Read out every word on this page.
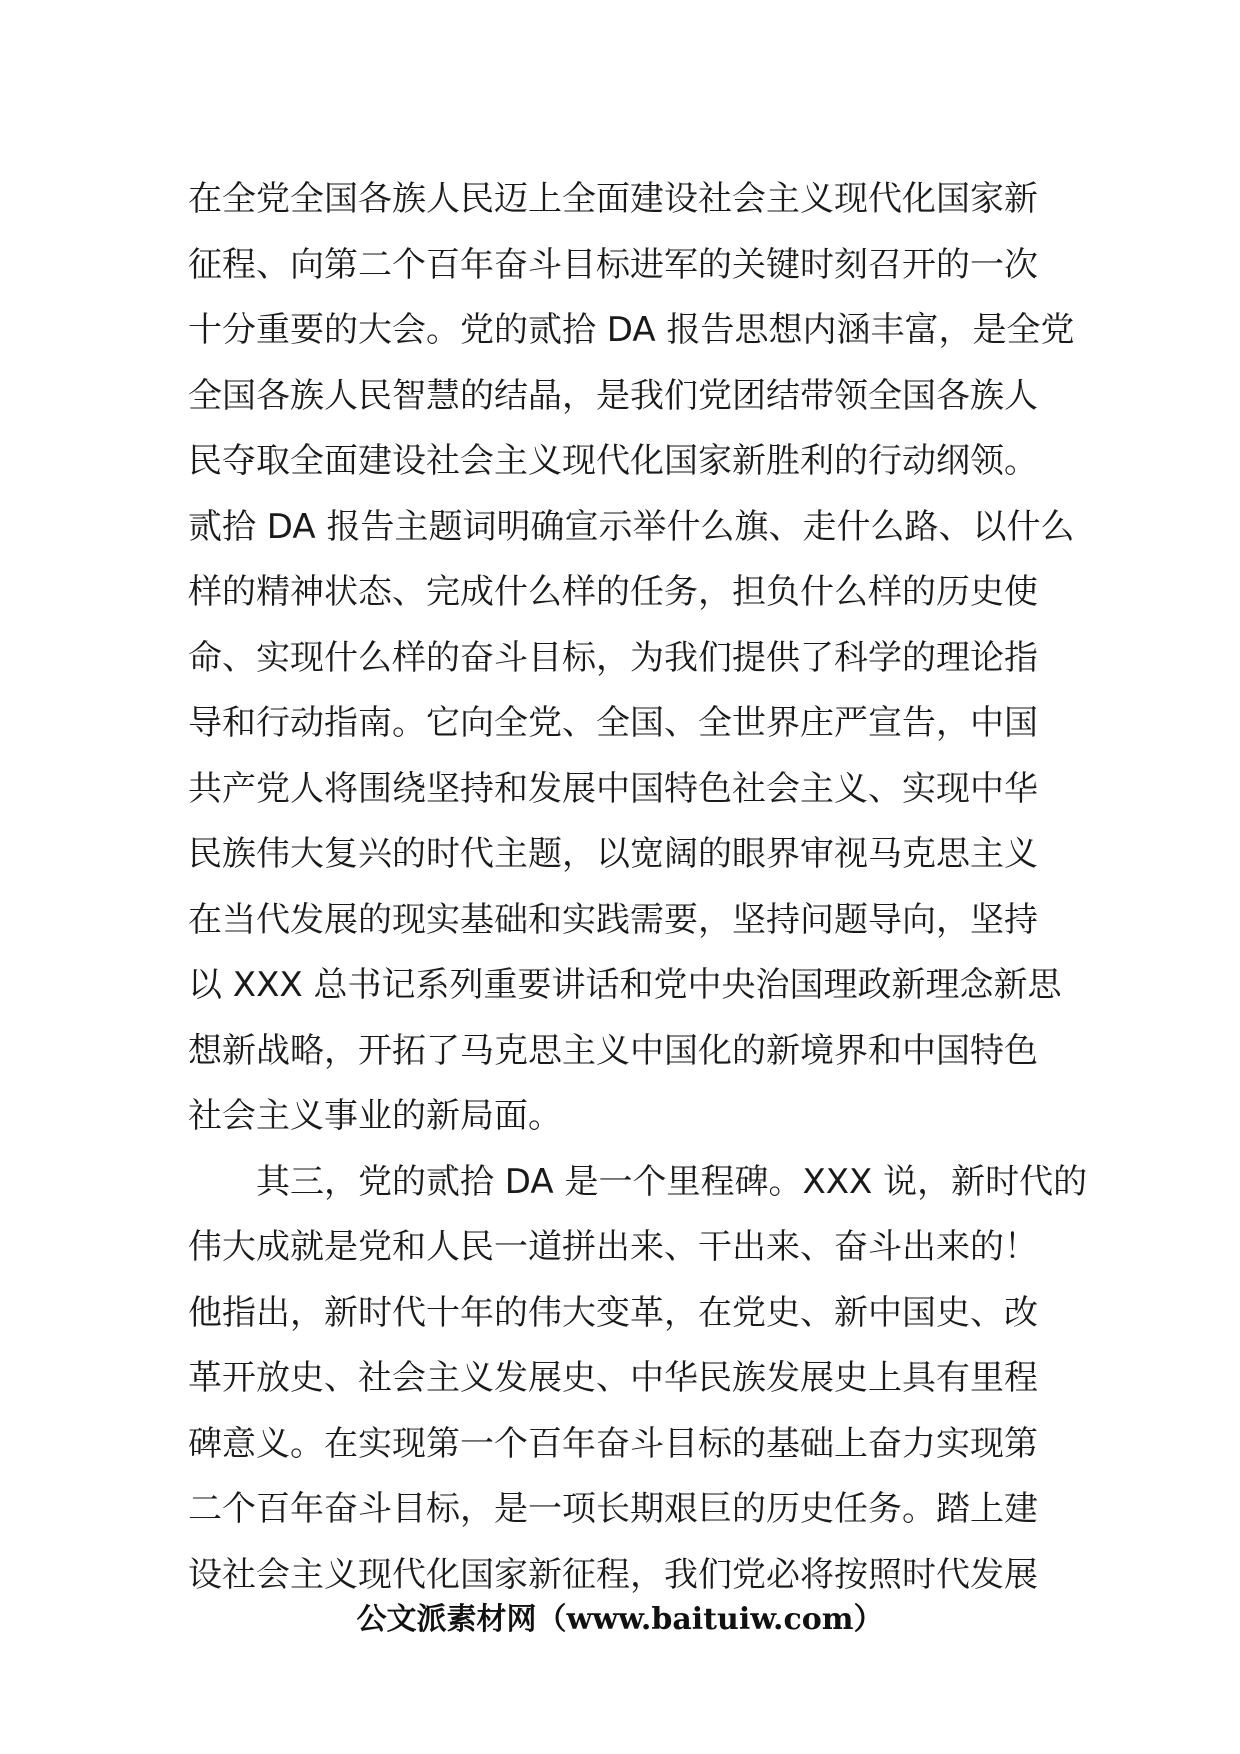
在全党全国各族人民迈上全面建设社会主义现代化国家新

征程、向第二个百年奋斗目标进军的关键时刻召开的一次

十分重要的大会。党的贰拾 DA 报告思想内涵丰富，是全党

全国各族人民智慧的结晶，是我们党团结带领全国各族人

民夺取全面建设社会主义现代化国家新胜利的行动纲领。

贰拾 DA 报告主题词明确宣示举什么旗、走什么路、以什么

样的精神状态、完成什么样的任务，担负什么样的历史使

命、实现什么样的奋斗目标，为我们提供了科学的理论指

导和行动指南。它向全党、全国、全世界庄严宣告，中国

共产党人将围绕坚持和发展中国特色社会主义、实现中华

民族伟大复兴的时代主题，以宽阔的眼界审视马克思主义

在当代发展的现实基础和实践需要，坚持问题导向，坚持

以 XXX 总书记系列重要讲话和党中央治国理政新理念新思

想新战略，开拓了马克思主义中国化的新境界和中国特色

社会主义事业的新局面。

其三，党的贰拾 DA 是一个里程碑。XXX 说，新时代的

伟大成就是党和人民一道拼出来、干出来、奋斗出来的！

他指出，新时代十年的伟大变革，在党史、新中国史、改

革开放史、社会主义发展史、中华民族发展史上具有里程

碑意义。在实现第一个百年奋斗目标的基础上奋力实现第

二个百年奋斗目标，是一项长期艰巨的历史任务。踏上建

设社会主义现代化国家新征程，我们党必将按照时代发展

公文派素材网（www.baituiw.com）
